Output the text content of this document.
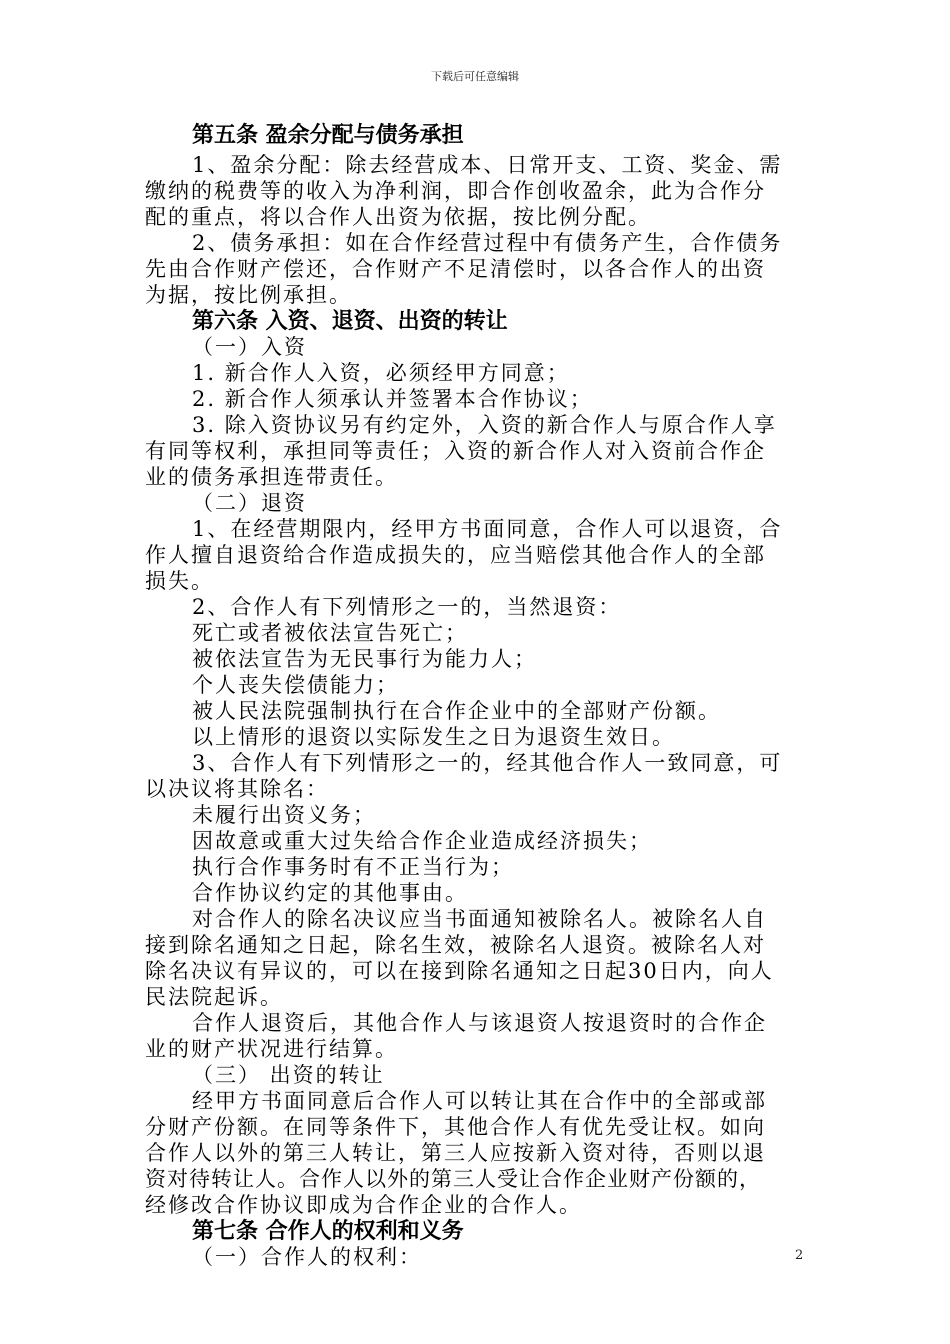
下载后可任意编辑
第五条 盈余分配与债务承担
1、盈余分配：除去经营成本、日常开支、工资、奖金、需
缴纳的税费等的收入为净利润，即合作创收盈余，此为合作分
配的重点，将以合作人出资为依据，按比例分配。
2、债务承担：如在合作经营过程中有债务产生，合作债务
先由合作财产偿还，合作财产不足清偿时，以各合作人的出资
为据，按比例承担。
第六条 入资、退资、出资的转让
（一）入资
1. 新合作人入资，必须经甲方同意；
2. 新合作人须承认并签署本合作协议；
3. 除入资协议另有约定外，入资的新合作人与原合作人享
有同等权利，承担同等责任；入资的新合作人对入资前合作企
业的债务承担连带责任。
（二）退资
1、在经营期限内，经甲方书面同意，合作人可以退资，合
作人擅自退资给合作造成损失的，应当赔偿其他合作人的全部
损失。
2、合作人有下列情形之一的，当然退资：
死亡或者被依法宣告死亡；
被依法宣告为无民事行为能力人；
个人丧失偿债能力；
被人民法院强制执行在合作企业中的全部财产份额。
以上情形的退资以实际发生之日为退资生效日。
3、合作人有下列情形之一的，经其他合作人一致同意，可
以决议将其除名：
未履行出资义务；
因故意或重大过失给合作企业造成经济损失；
执行合作事务时有不正当行为；
合作协议约定的其他事由。
对合作人的除名决议应当书面通知被除名人。被除名人自
接到除名通知之日起，除名生效，被除名人退资。被除名人对
除名决议有异议的，可以在接到除名通知之日起30日内，向人
民法院起诉。
合作人退资后，其他合作人与该退资人按退资时的合作企
业的财产状况进行结算。
（三） 出资的转让
经甲方书面同意后合作人可以转让其在合作中的全部或部
分财产份额。在同等条件下，其他合作人有优先受让权。如向
合作人以外的第三人转让，第三人应按新入资对待，否则以退
资对待转让人。合作人以外的第三人受让合作企业财产份额的，
经修改合作协议即成为合作企业的合作人。
第七条 合作人的权利和义务
（一）合作人的权利：	2
